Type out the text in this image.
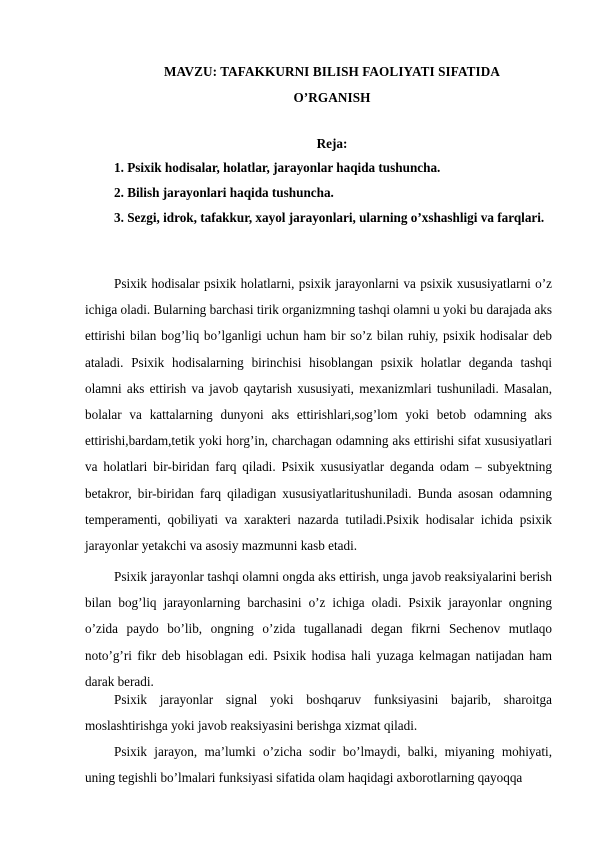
MAVZU: TAFAKKURNI BILISH FAOLIYATI SIFATIDA
O’RGANISH
Reja:
1. Psixik hodisalar, holatlar, jarayonlar haqida tushuncha.
2. Bilish jarayonlari haqida tushuncha.
3. Sezgi, idrok, tafakkur, xayol jarayonlari, ularning o’xshashligi va farqlari.
Psixik hodisalar psixik holatlarni, psixik jarayonlarni va psixik xususiyatlarni o’z ichiga oladi. Bularning barchasi tirik organizmning tashqi olamni u yoki bu darajada aks ettirishi bilan bog’liq bo’lganligi uchun ham bir so’z bilan ruhiy, psixik hodisalar deb ataladi. Psixik hodisalarning birinchisi hisoblangan psixik holatlar deganda tashqi olamni aks ettirish va javob qaytarish xususiyati, mexanizmlari tushuniladi. Masalan, bolalar va kattalarning dunyoni aks ettirishlari,sog’lom yoki betob odamning aks ettirishi,bardam,tetik yoki horg’in, charchagan odamning aks ettirishi sifat xususiyatlari va holatlari bir-biridan farq qiladi. Psixik xususiyatlar deganda odam – subyektning betakror, bir-biridan farq qiladigan xususiyatlaritushuniladi. Bunda asosan odamning temperamenti, qobiliyati va xarakteri nazarda tutiladi.Psixik hodisalar ichida psixik jarayonlar yetakchi va asosiy mazmunni kasb etadi.
Psixik jarayonlar tashqi olamni ongda aks ettirish, unga javob reaksiyalarini berish bilan bog’liq jarayonlarning barchasini o’z ichiga oladi. Psixik jarayonlar ongning o’zida paydo bo’lib, ongning o’zida tugallanadi degan fikrni Sechenov mutlaqo noto’g’ri fikr deb hisoblagan edi. Psixik hodisa hali yuzaga kelmagan natijadan ham darak beradi.
Psixik jarayonlar signal yoki boshqaruv funksiyasini bajarib, sharoitga moslashtirishga yoki javob reaksiyasini berishga xizmat qiladi.
Psixik jarayon, ma’lumki o’zicha sodir bo’lmaydi, balki, miyaning mohiyati, uning tegishli bo’lmalari funksiyasi sifatida olam haqidagi axborotlarning qayoqqa
